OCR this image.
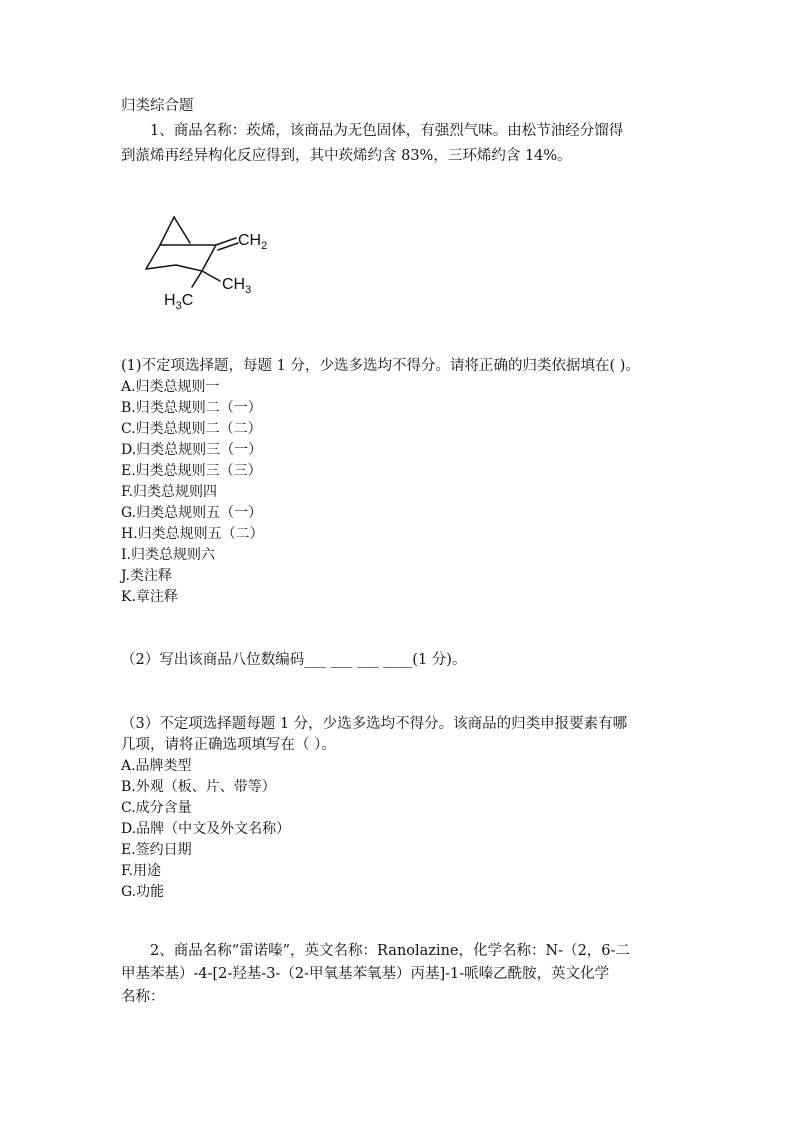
归类综合题
1、商品名称：莰烯，该商品为无色固体，有强烈气味。由松节油经分馏得
到蒎烯再经异构化反应得到，其中莰烯约含 83%，三环烯约含 14%。
$CH_2$
$CH_3$
$H_3C$
(1)不定项选择题，每题 1 分，少选多选均不得分。请将正确的归类依据填在( )。
A.归类总规则一
B.归类总规则二（一）
C.归类总规则二（二）
D.归类总规则三（一）
E.归类总规则三（三）
F.归类总规则四
G.归类总规则五（一）
H.归类总规则五（二）
I.归类总规则六
J.类注释
K.章注释
（2）写出该商品八位数编码___ ___ ___ ____(1 分)。
（3）不定项选择题每题 1 分，少选多选均不得分。该商品的归类申报要素有哪
几项，请将正确选项填写在（ ）。
A.品牌类型
B.外观（板、片、带等）
C.成分含量
D.品牌（中文及外文名称）
E.签约日期
F.用途
G.功能
2、商品名称“雷诺嗪”，英文名称：Ranolazine，化学名称：N-（2，6-二
甲基苯基）-4-[2-羟基-3-（2-甲氧基苯氧基）丙基]-1-哌嗪乙酰胺，英文化学
名称：
